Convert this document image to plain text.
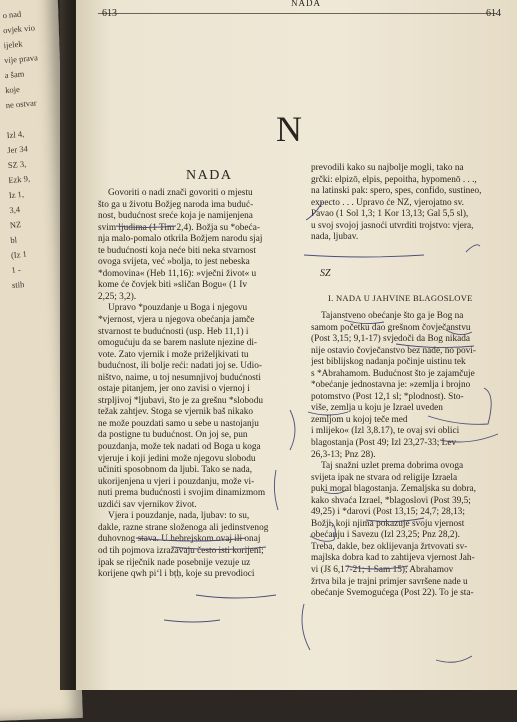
o nad
ovjek vio
ijelek
vije prava
a šam
koje
ne ostvar
Izl 4,
Jer 34
SZ 3,
Ezk 9,
Iz 1,
3,4
NZ
bl
(Iz 1
1 -
stih
613
NADA
614
N
NADA
Govoriti o nadi znači govoriti o mjestu
što ga u životu Božjeg naroda ima buduć-
nost, budućnost sreće koja je namijenjena
svim ljudima (1 Tim 2,4). Božja su *obeća-
nja malo-pomalo otkrila Božjem narodu sjaj
te budućnosti koja neće biti neka stvarnost
ovoga svijeta, već »bolja, to jest nebeska
*domovina« (Heb 11,16): »vječni život« u
kome će čovjek biti »sličan Bogu« (1 Iv
2,25; 3,2).
Upravo *pouzdanje u Boga i njegovu
*vjernost, vjera u njegova obećanja jamče
stvarnost te budućnosti (usp. Heb 11,1) i
omogućuju da se barem naslute njezine di-
vote. Zato vjernik i može priželjkivati tu
budućnost, ili bolje reći: nadati joj se. Udio-
ništvo, naime, u toj nesumnjivoj budućnosti
ostaje pitanjem, jer ono zavisi o vjernoj i
strpljivoj *ljubavi, što je za grešnu *slobodu
težak zahtjev. Stoga se vjernik baš nikako
ne može pouzdati samo u sebe u nastojanju
da postigne tu budućnost. On joj se, pun
pouzdanja, može tek nadati od Boga u koga
vjeruje i koji jedini može njegovu slobodu
učiniti sposobnom da ljubi. Tako se nada,
ukorijenjena u vjeri i pouzdanju, može vi-
nuti prema budućnosti i svojim dinamizmom
uzdići sav vjernikov život.
Vjera i pouzdanje, nada, ljubav: to su,
dakle, razne strane složenoga ali jedinstvenog
duhovnog stava. U hebrejskom ovaj ili onaj
od tih pojmova izražavaju često isti korijeni;
ipak se riječnik nade posebnije vezuje uz
korijene qwh pi‘l i bṭḥ, koje su prevodioci
prevodili kako su najbolje mogli, tako na
grčki: elpizō, elpis, pepoitha, hypomenō . . .,
na latinski pak: spero, spes, confido, sustineo,
expecto . . . Upravo će NZ, vjerojatno sv.
Pavao (1 Sol 1,3; 1 Kor 13,13; Gal 5,5 sl),
u svoj svojoj jasnoći utvrditi trojstvo: vjera,
nada, ljubav.
SZ
I. NADA U JAHVINE BLAGOSLOVE
Tajanstveno obećanje što ga je Bog na
samom početku dao grešnom čovječanstvu
(Post 3,15; 9,1-17) svjedoči da Bog nikada
nije ostavio čovječanstvo bez nade, no povi-
jest biblijskog nadanja počinje uistinu tek
s *Abrahamom. Budućnost što je zajamčuje
*obećanje jednostavna je: »zemlja i brojno
potomstvo (Post 12,1 sl; *plodnost). Što-
više, zemlja u koju je Izrael uveden
zemljom u kojoj teče med
i mlijeko« (Izl 3,8.17), te ovaj svi oblici
blagostanja (Post 49; Izl 23,27-33; Lev
26,3-13; Pnz 28).
Taj snažni uzlet prema dobrima ovoga
svijeta ipak ne stvara od religije Izraela
puki moral blagostanja. Zemaljska su dobra,
kako shvaća Izrael, *blagoslovi (Post 39,5;
49,25) i *darovi (Post 13,15; 24,7; 28,13;
Božji, koji njima pokazuje svoju vjernost
obećanju i Savezu (Izl 23,25; Pnz 28,2).
Treba, dakle, bez oklijevanja žrtvovati sv-
majlska dobra kad to zahtijeva vjernost Jah-
vi (Jš 6,17-21; 1 Sam 15); Abrahamov
žrtva bila je trajni primjer savršene nade u
obećanje Svemogućega (Post 22). To je sta-
